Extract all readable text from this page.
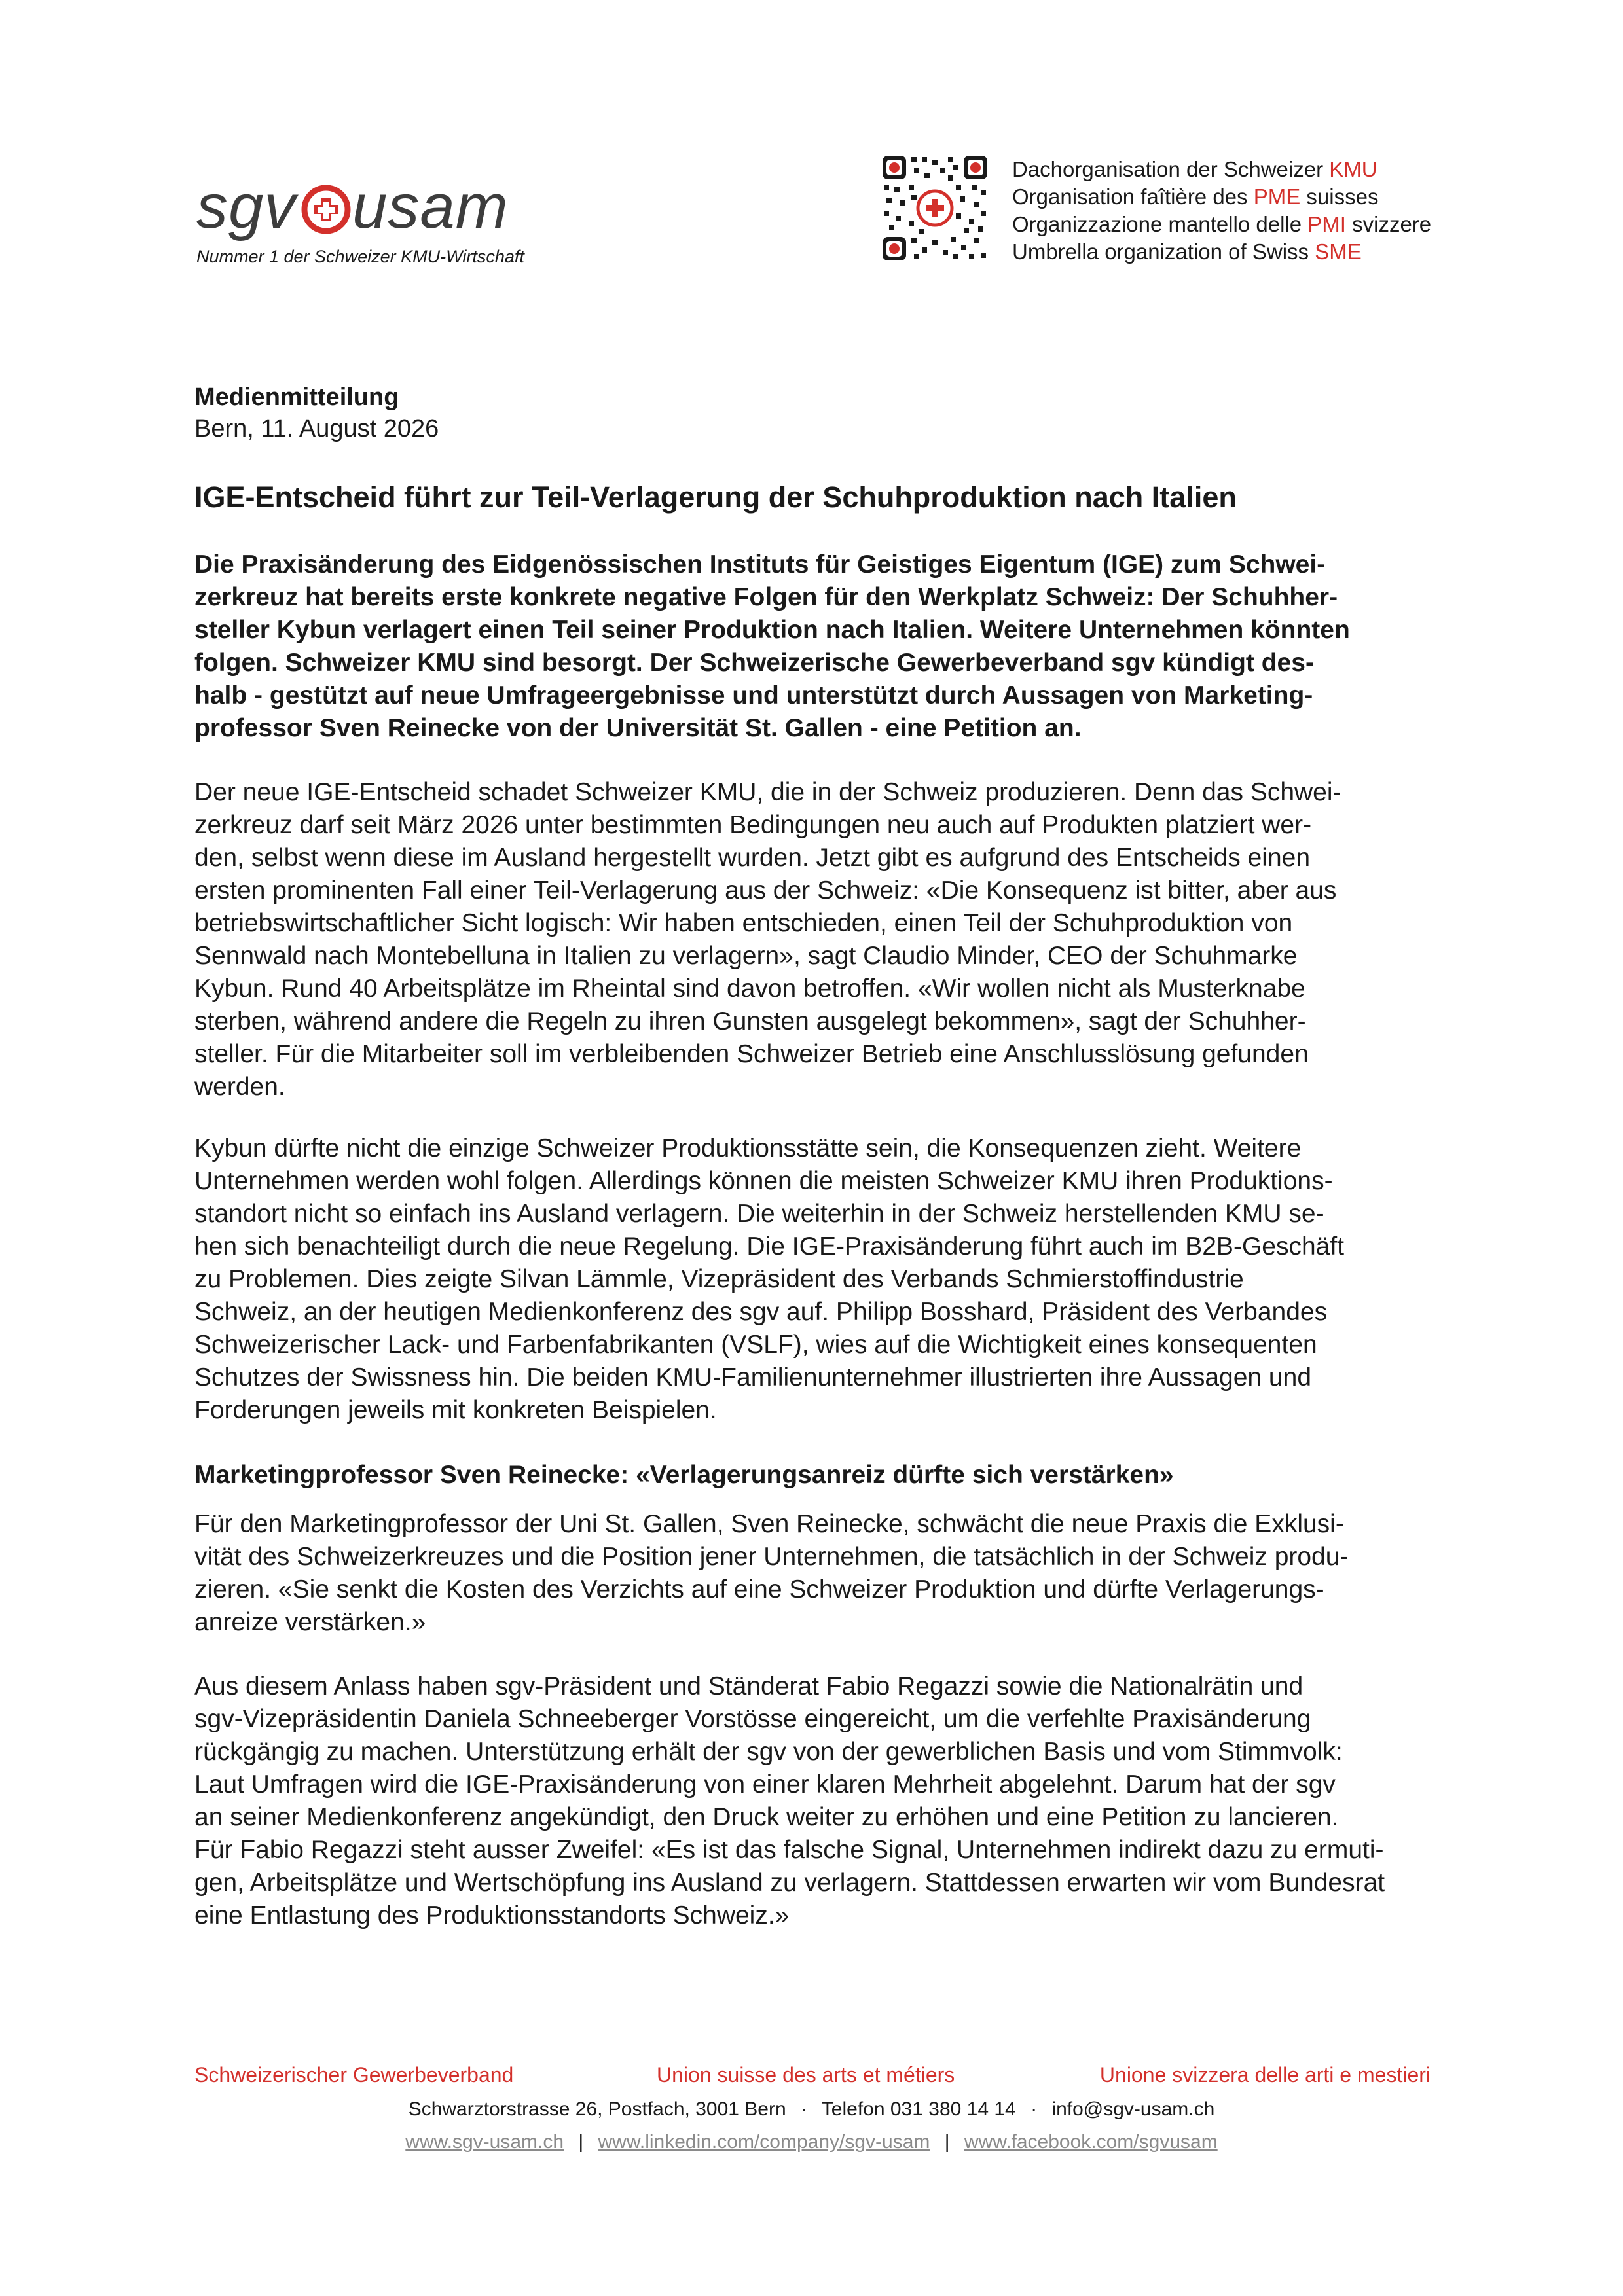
sgv usam
Nummer 1 der Schweizer KMU-Wirtschaft
Dachorganisation der Schweizer KMU
Organisation faîtière des PME suisses
Organizzazione mantello delle PMI svizzere
Umbrella organization of Swiss SME
Medienmitteilung
Bern, 11. August 2026
IGE-Entscheid führt zur Teil-Verlagerung der Schuhproduktion nach Italien
Die Praxisänderung des Eidgenössischen Instituts für Geistiges Eigentum (IGE) zum Schwei-
zerkreuz hat bereits erste konkrete negative Folgen für den Werkplatz Schweiz: Der Schuhher-
steller Kybun verlagert einen Teil seiner Produktion nach Italien. Weitere Unternehmen könnten
folgen. Schweizer KMU sind besorgt. Der Schweizerische Gewerbeverband sgv kündigt des-
halb - gestützt auf neue Umfrageergebnisse und unterstützt durch Aussagen von Marketing-
professor Sven Reinecke von der Universität St. Gallen - eine Petition an.
Der neue IGE-Entscheid schadet Schweizer KMU, die in der Schweiz produzieren. Denn das Schwei-
zerkreuz darf seit März 2026 unter bestimmten Bedingungen neu auch auf Produkten platziert wer-
den, selbst wenn diese im Ausland hergestellt wurden. Jetzt gibt es aufgrund des Entscheids einen
ersten prominenten Fall einer Teil-Verlagerung aus der Schweiz: «Die Konsequenz ist bitter, aber aus
betriebswirtschaftlicher Sicht logisch: Wir haben entschieden, einen Teil der Schuhproduktion von
Sennwald nach Montebelluna in Italien zu verlagern», sagt Claudio Minder, CEO der Schuhmarke
Kybun. Rund 40 Arbeitsplätze im Rheintal sind davon betroffen. «Wir wollen nicht als Musterknabe
sterben, während andere die Regeln zu ihren Gunsten ausgelegt bekommen», sagt der Schuhher-
steller. Für die Mitarbeiter soll im verbleibenden Schweizer Betrieb eine Anschlusslösung gefunden
werden.
Kybun dürfte nicht die einzige Schweizer Produktionsstätte sein, die Konsequenzen zieht. Weitere
Unternehmen werden wohl folgen. Allerdings können die meisten Schweizer KMU ihren Produktions-
standort nicht so einfach ins Ausland verlagern. Die weiterhin in der Schweiz herstellenden KMU se-
hen sich benachteiligt durch die neue Regelung. Die IGE-Praxisänderung führt auch im B2B-Geschäft
zu Problemen. Dies zeigte Silvan Lämmle, Vizepräsident des Verbands Schmierstoffindustrie
Schweiz, an der heutigen Medienkonferenz des sgv auf. Philipp Bosshard, Präsident des Verbandes
Schweizerischer Lack- und Farbenfabrikanten (VSLF), wies auf die Wichtigkeit eines konsequenten
Schutzes der Swissness hin. Die beiden KMU-Familienunternehmer illustrierten ihre Aussagen und
Forderungen jeweils mit konkreten Beispielen.
Marketingprofessor Sven Reinecke: «Verlagerungsanreiz dürfte sich verstärken»
Für den Marketingprofessor der Uni St. Gallen, Sven Reinecke, schwächt die neue Praxis die Exklusi-
vität des Schweizerkreuzes und die Position jener Unternehmen, die tatsächlich in der Schweiz produ-
zieren. «Sie senkt die Kosten des Verzichts auf eine Schweizer Produktion und dürfte Verlagerungs-
anreize verstärken.»
Aus diesem Anlass haben sgv-Präsident und Ständerat Fabio Regazzi sowie die Nationalrätin und
sgv-Vizepräsidentin Daniela Schneeberger Vorstösse eingereicht, um die verfehlte Praxisänderung
rückgängig zu machen. Unterstützung erhält der sgv von der gewerblichen Basis und vom Stimmvolk:
Laut Umfragen wird die IGE-Praxisänderung von einer klaren Mehrheit abgelehnt. Darum hat der sgv
an seiner Medienkonferenz angekündigt, den Druck weiter zu erhöhen und eine Petition zu lancieren.
Für Fabio Regazzi steht ausser Zweifel: «Es ist das falsche Signal, Unternehmen indirekt dazu zu ermuti-
gen, Arbeitsplätze und Wertschöpfung ins Ausland zu verlagern. Stattdessen erwarten wir vom Bundesrat
eine Entlastung des Produktionsstandorts Schweiz.»
Schweizerischer Gewerbeverband	Union suisse des arts et métiers	Unione svizzera delle arti e mestieri
Schwarztorstrasse 26, Postfach, 3001 Bern · Telefon 031 380 14 14 · info@sgv-usam.ch
www.sgv-usam.ch | www.linkedin.com/company/sgv-usam | www.facebook.com/sgvusam
